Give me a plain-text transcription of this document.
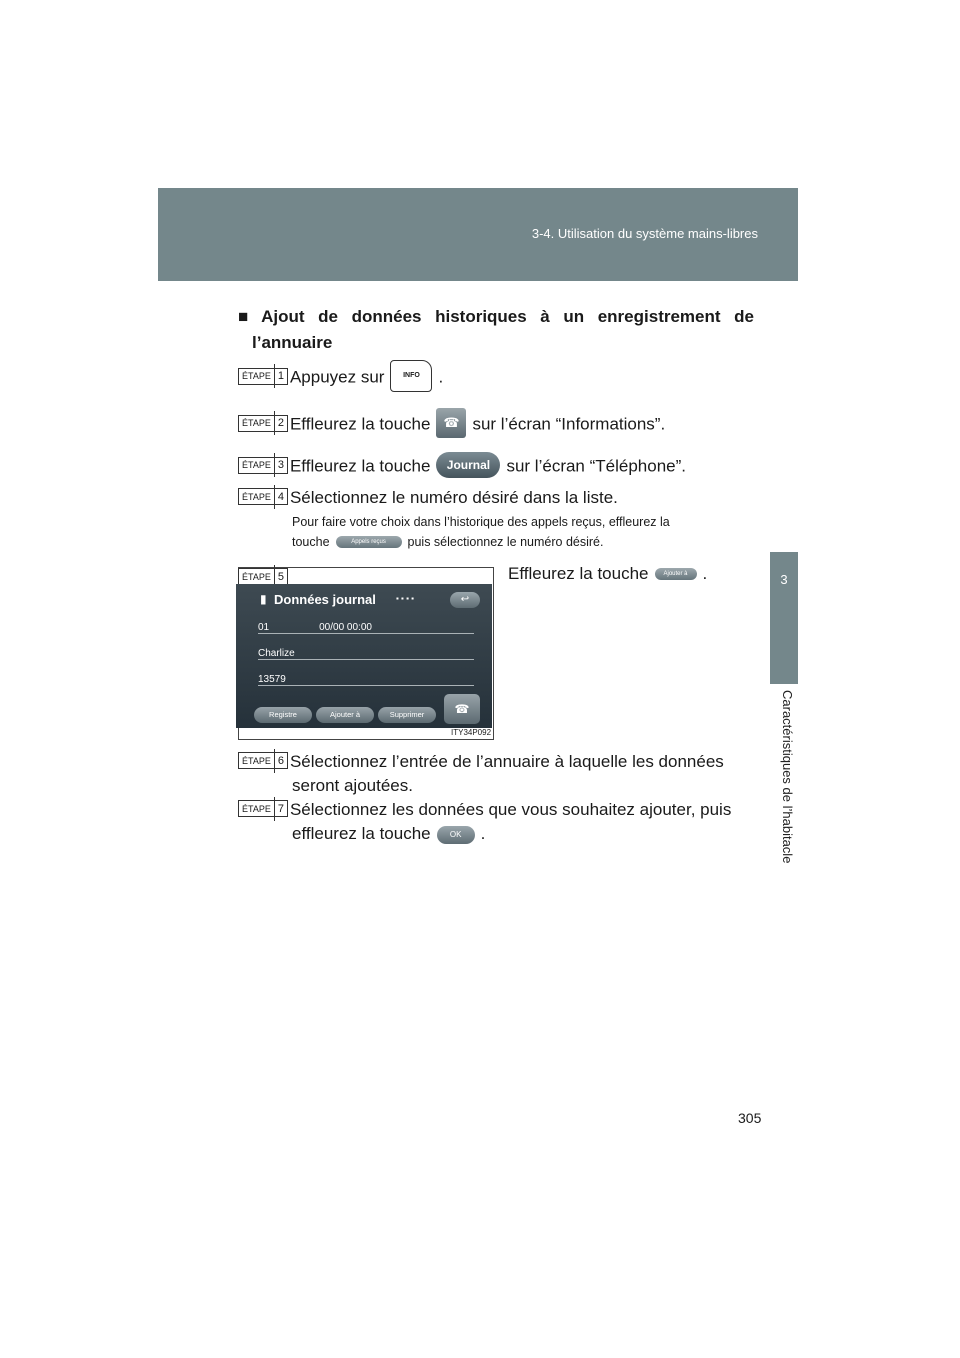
3-4. Utilisation du système mains-libres
3
Caractéristiques de l’habitacle
■ Ajout de données historiques à un enregistrement de
l’annuaire
ÉTAPE 1 Appuyez sur	INFO .
ÉTAPE 2 Effleurez la touche ☎ sur l’écran “Informations”.
ÉTAPE 3 Effleurez la touche Journal sur l’écran “Téléphone”.
ÉTAPE 4 Sélectionnez le numéro désiré dans la liste.
Pour faire votre choix dans l’historique des appels reçus, effleurez la
touche	Appels reçus puis sélectionnez le numéro désiré.
ÉTAPE 5
▮ Données journal	▪ ▪ ▪ ▪	↩
01	00/00 00:00
Charlize
13579
Registre	Ajouter à	Supprimer	☎
ITY34P092
Effleurez la touche Ajouter à .
ÉTAPE 6 Sélectionnez l’entrée de l’annuaire à laquelle les données
seront ajoutées.
ÉTAPE 7 Sélectionnez les données que vous souhaitez ajouter, puis
effleurez la touche OK .
305
